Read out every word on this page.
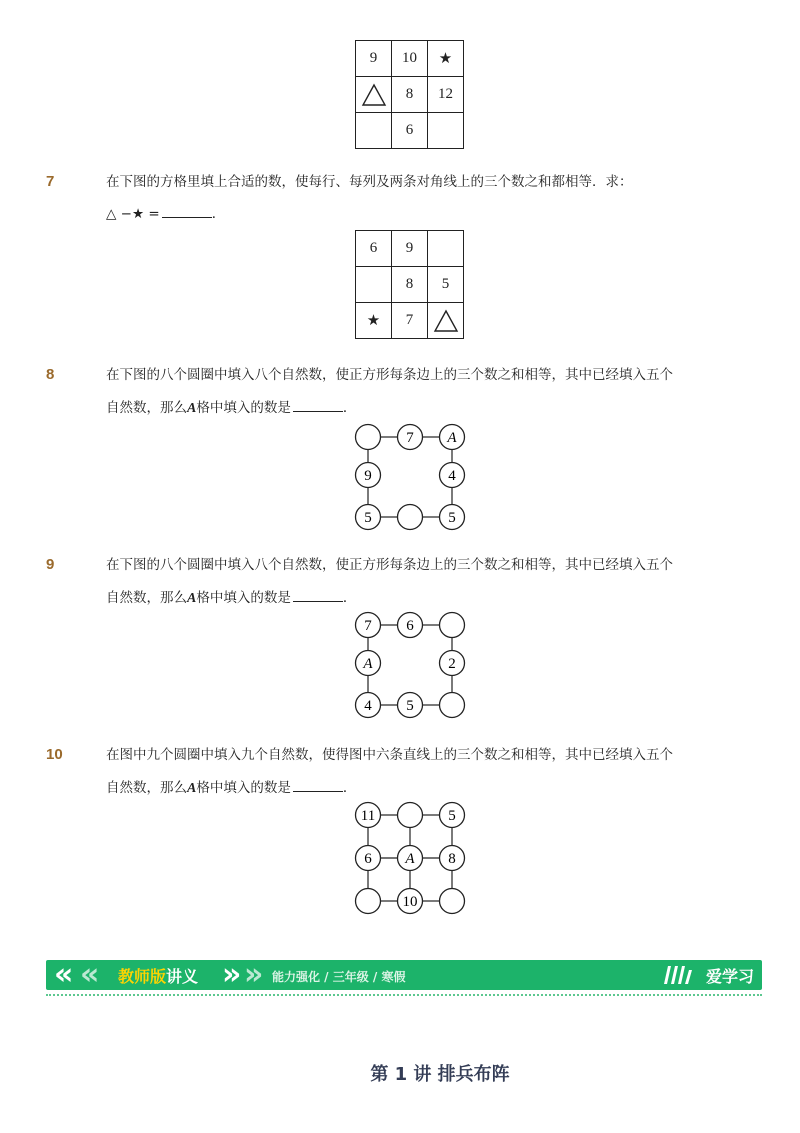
9	10	★

	8	12
	6	
7	在下图的方格里填上合适的数，使每行、每列及两条对角线上的三个数之和都相等．求：
△ −★ =	．
6	9	
	8	5
★	7	
8	在下图的八个圆圈中填入八个自然数，使正方形每条边上的三个数之和相等，其中已经填入五个
自然数，那么A格中填入的数是	．
7 A
9	4
5	5
9	在下图的八个圆圈中填入八个自然数，使正方形每条边上的三个数之和相等，其中已经填入五个
自然数，那么A格中填入的数是	．
7 6
A	2
4 5
10	在图中九个圆圈中填入九个自然数，使得图中六条直线上的三个数之和相等，其中已经填入五个
自然数，那么A格中填入的数是	．
11	5
6 A 8
10
« « 教师版讲义 » » 能力强化 / 三年级 / 寒假	爱学习
第 1 讲 排兵布阵
